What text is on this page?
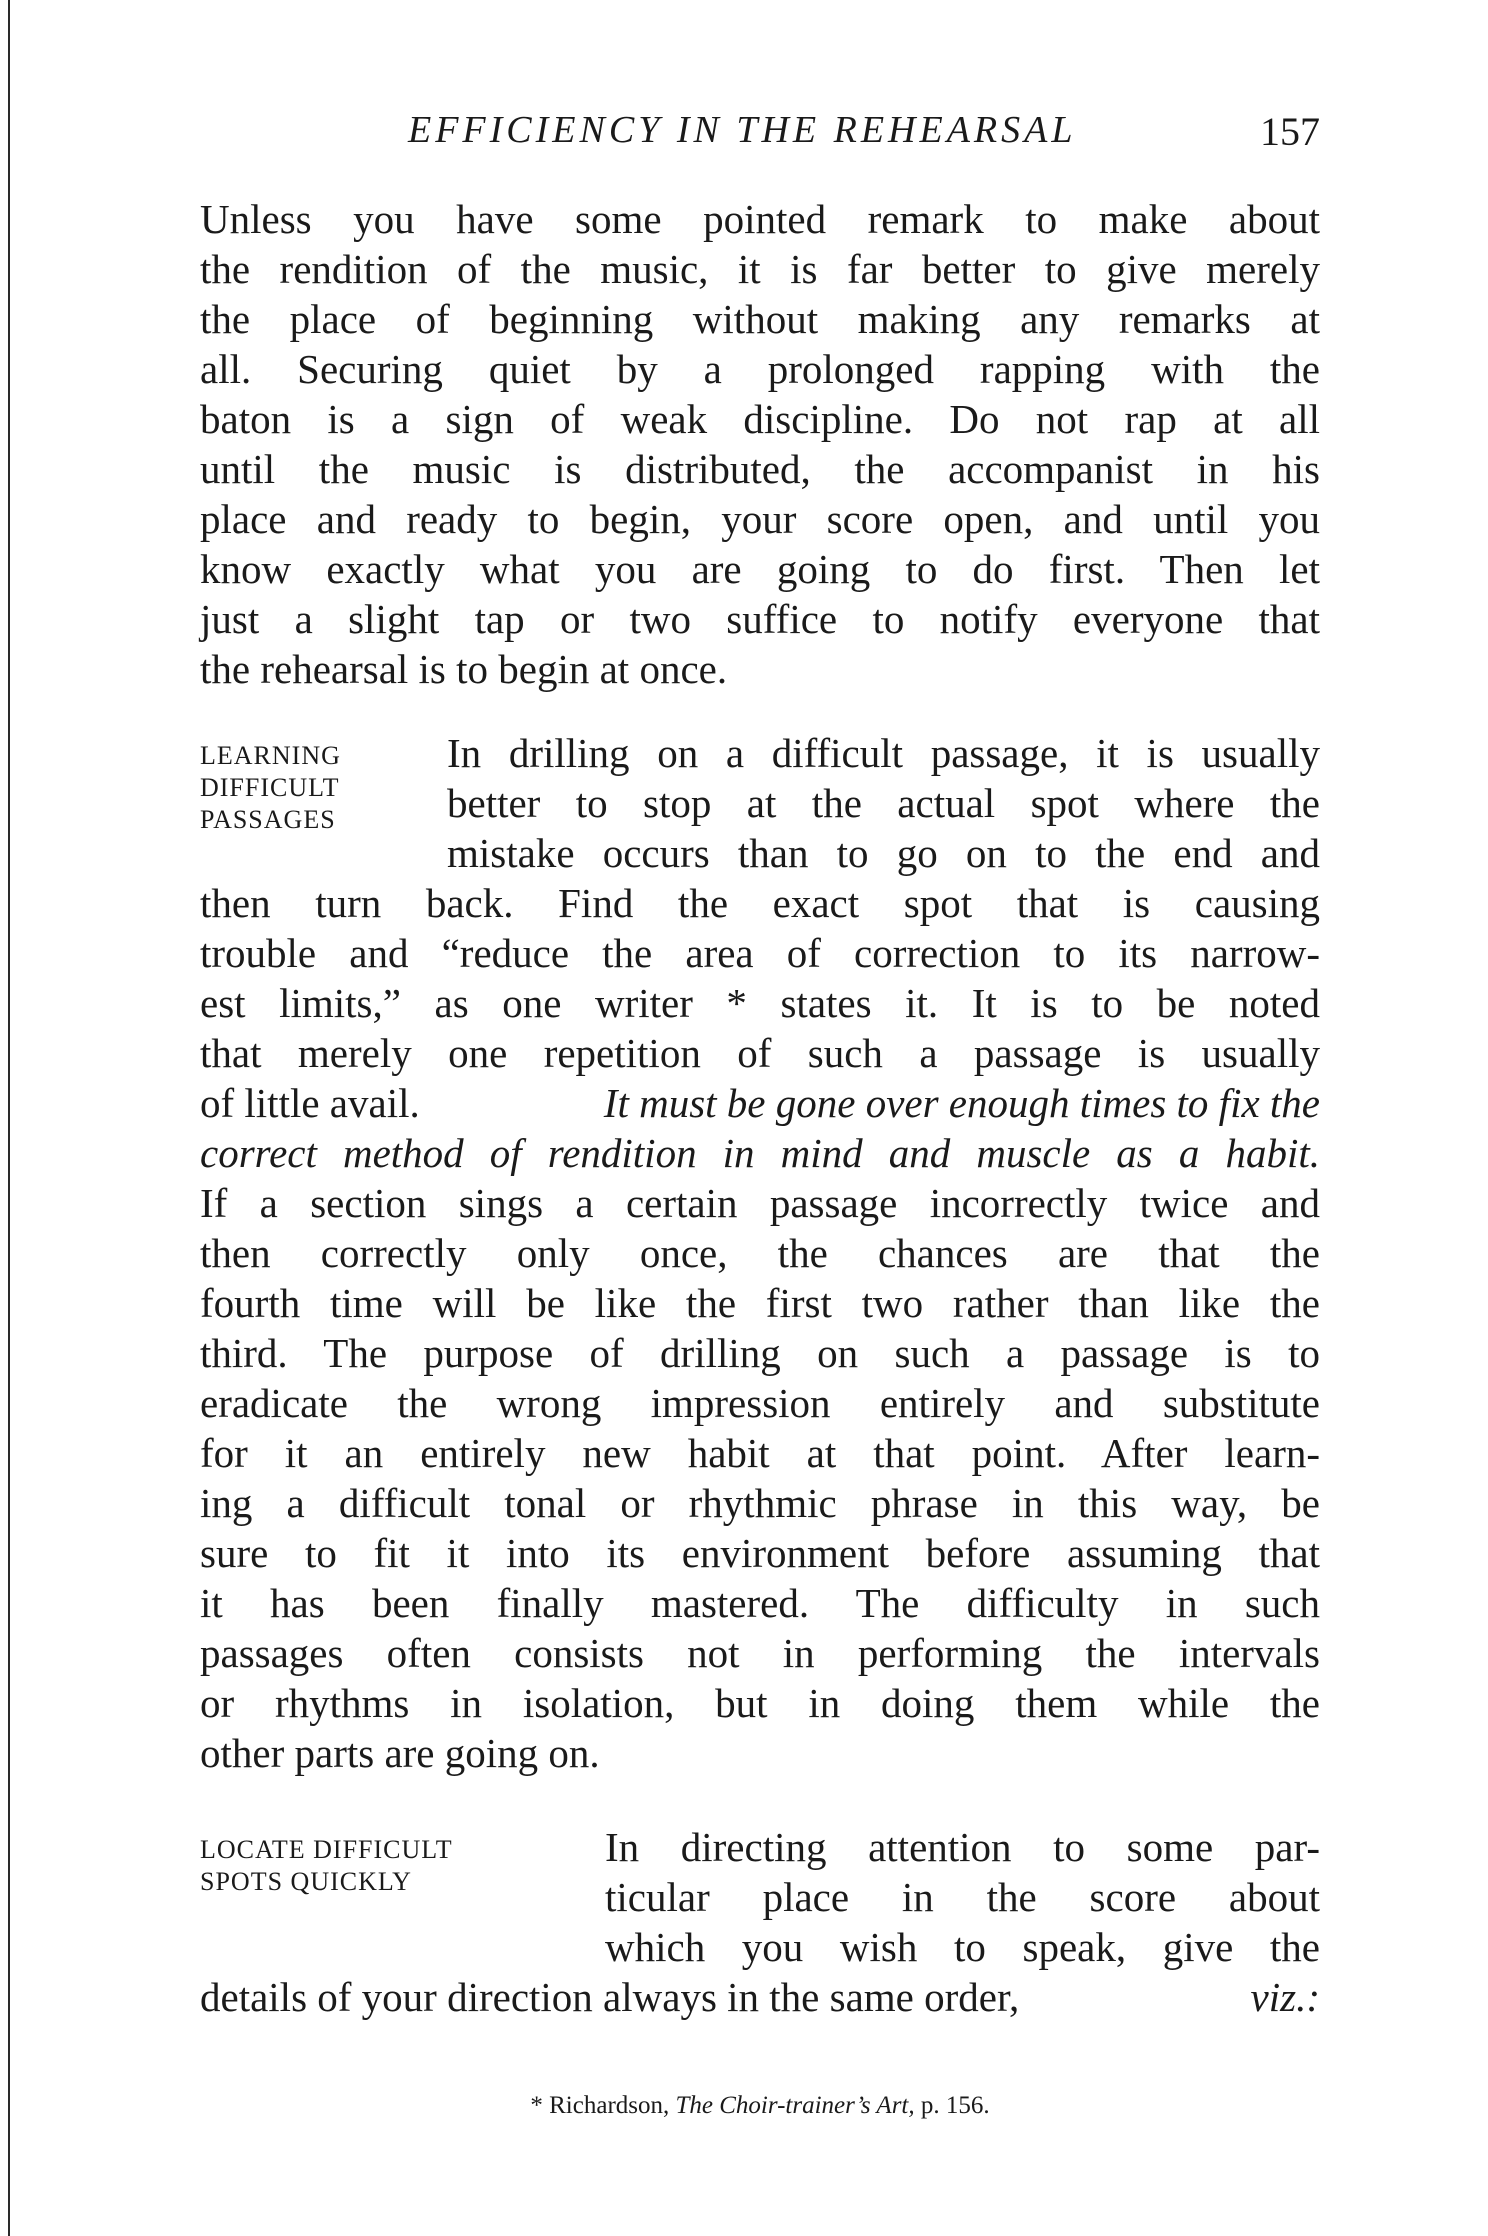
EFFICIENCY IN THE REHEARSAL	157
Unless you have some pointed remark to make about
the rendition of the music, it is far better to give merely
the place of beginning without making any remarks at
all. Securing quiet by a prolonged rapping with the
baton is a sign of weak discipline. Do not rap at all
until the music is distributed, the accompanist in his
place and ready to begin, your score open, and until you
know exactly what you are going to do first. Then let
just a slight tap or two suffice to notify everyone that
the rehearsal is to begin at once.
LEARNING
DIFFICULT
PASSAGES
In drilling on a difficult passage, it is usually
better to stop at the actual spot where the
mistake occurs than to go on to the end and
then turn back. Find the exact spot that is causing
trouble and “reduce the area of correction to its narrow-
est limits,” as one writer * states it. It is to be noted
that merely one repetition of such a passage is usually
of little avail.	It must be gone over enough times to fix the
correct method of rendition in mind and muscle as a habit.
If a section sings a certain passage incorrectly twice and
then correctly only once, the chances are that the
fourth time will be like the first two rather than like the
third. The purpose of drilling on such a passage is to
eradicate the wrong impression entirely and substitute
for it an entirely new habit at that point. After learn-
ing a difficult tonal or rhythmic phrase in this way, be
sure to fit it into its environment before assuming that
it has been finally mastered. The difficulty in such
passages often consists not in performing the intervals
or rhythms in isolation, but in doing them while the
other parts are going on.
LOCATE DIFFICULT
SPOTS QUICKLY
In directing attention to some par-
ticular place in the score about
which you wish to speak, give the
details of your direction always in the same order,	viz.:
* Richardson, The Choir-trainer’s Art, p. 156.
